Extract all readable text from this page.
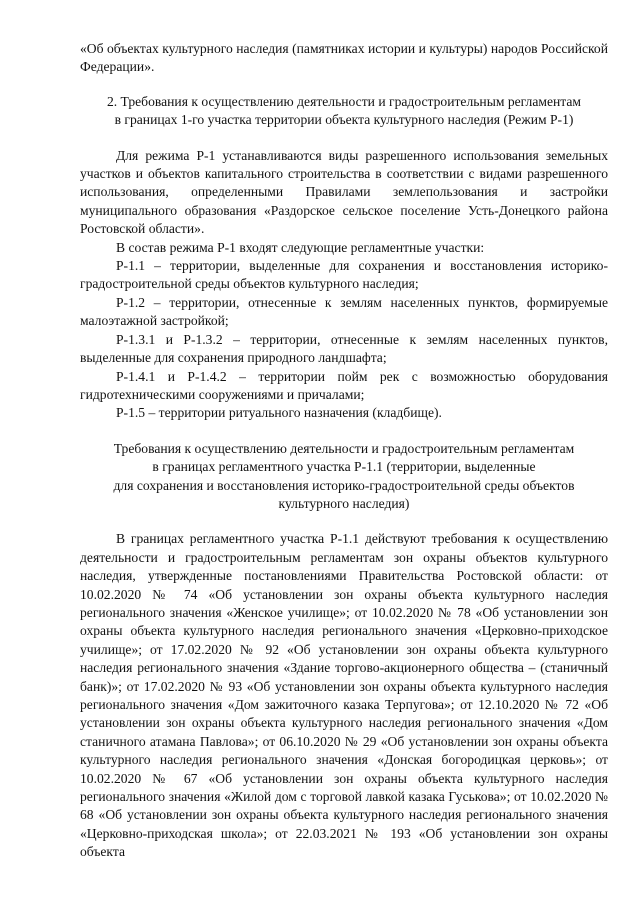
«Об объектах культурного наследия (памятниках истории и культуры) народов Российской Федерации».

2. Требования к осуществлению деятельности и градостроительным регламентам

в границах 1-го участка территории объекта культурного наследия (Режим Р-1)

Для режима Р-1 устанавливаются виды разрешенного использования земельных участков и объектов капитального строительства в соответствии с видами разрешенного использования, определенными Правилами землепользования и застройки муниципального образования «Раздорское сельское поселение Усть-Донецкого района Ростовской области».

В состав режима Р-1 входят следующие регламентные участки:

Р-1.1 – территории, выделенные для сохранения и восстановления историко-градостроительной среды объектов культурного наследия;

Р-1.2 – территории, отнесенные к землям населенных пунктов, формируемые малоэтажной застройкой;

Р-1.3.1 и Р-1.3.2 – территории, отнесенные к землям населенных пунктов, выделенные для сохранения природного ландшафта;

Р-1.4.1 и Р-1.4.2 – территории пойм рек с возможностью оборудования гидротехническими сооружениями и причалами;

Р-1.5 – территории ритуального назначения (кладбище).

Требования к осуществлению деятельности и градостроительным регламентам

в границах регламентного участка Р-1.1 (территории, выделенные

для сохранения и восстановления историко-градостроительной среды объектов

культурного наследия)

В границах регламентного участка Р-1.1 действуют требования к осуществлению деятельности и градостроительным регламентам зон охраны объектов культурного наследия, утвержденные постановлениями Правительства Ростовской области: от 10.02.2020 № 74 «Об установлении зон охраны объекта культурного наследия регионального значения «Женское училище»; от 10.02.2020 № 78 «Об установлении зон охраны объекта культурного наследия регионального значения «Церковно-приходское училище»; от 17.02.2020 № 92 «Об установлении зон охраны объекта культурного наследия регионального значения «Здание торгово-акционерного общества – (станичный банк)»; от 17.02.2020 № 93 «Об установлении зон охраны объекта культурного наследия регионального значения «Дом зажиточного казака Терпугова»; от 12.10.2020 № 72 «Об установлении зон охраны объекта культурного наследия регионального значения «Дом станичного атамана Павлова»; от 06.10.2020 № 29 «Об установлении зон охраны объекта культурного наследия регионального значения «Донская богородицкая церковь»; от 10.02.2020 № 67 «Об установлении зон охраны объекта культурного наследия регионального значения «Жилой дом с торговой лавкой казака Гуськова»; от 10.02.2020 № 68 «Об установлении зон охраны объекта культурного наследия регионального значения «Церковно-приходская школа»; от 22.03.2021 № 193 «Об установлении зон охраны объекта
